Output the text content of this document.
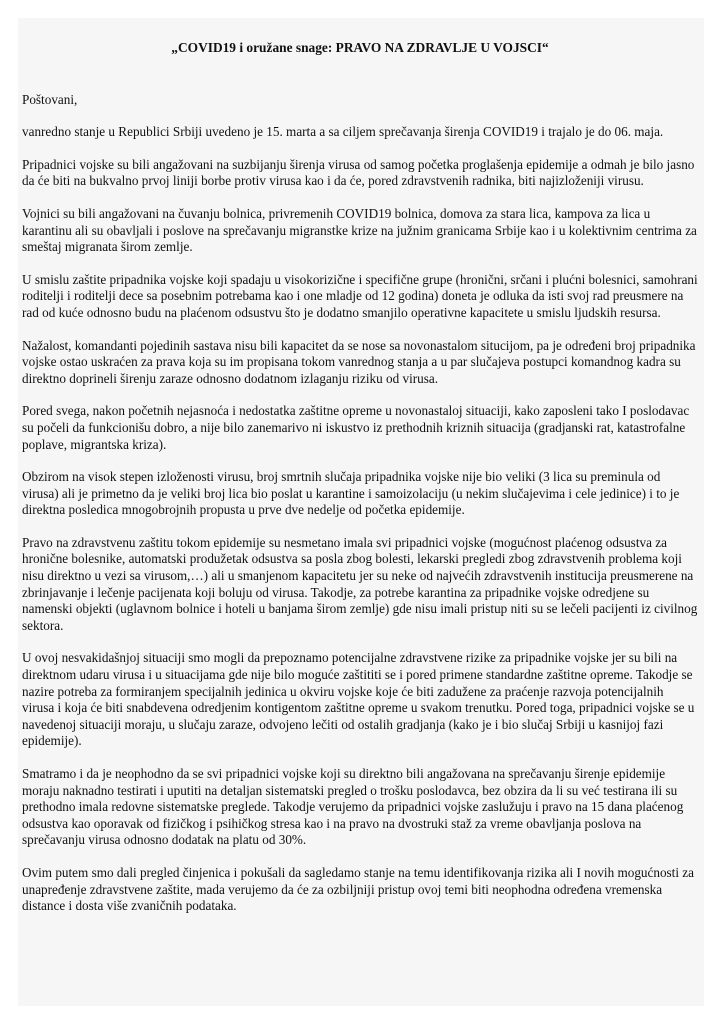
„COVID19 i oružane snage: PRAVO NA ZDRAVLJE U VOJSCI“
Poštovani,

vanredno stanje u Republici Srbiji uvedeno je 15. marta a sa ciljem sprečavanja širenja COVID19 i trajalo je do 06. maja.

Pripadnici vojske su bili angažovani na suzbijanju širenja virusa od samog početka proglašenja epidemije a odmah je bilo jasno da će biti na bukvalno prvoj liniji borbe protiv virusa kao i da će, pored zdravstvenih radnika, biti najizloženiji virusu.

Vojnici su bili angažovani na čuvanju bolnica, privremenih COVID19 bolnica, domova za stara lica, kampova za lica u karantinu ali su obavljali i poslove na sprečavanju migranstke krize na južnim granicama Srbije kao i u kolektivnim centrima za smeštaj migranata širom zemlje.

U smislu zaštite pripadnika vojske koji spadaju u visokorizične i specifične grupe (hronični, srčani i plućni bolesnici, samohrani roditelji i roditelji dece sa posebnim potrebama kao i one mladje od 12 godina) doneta je odluka da isti svoj rad preusmere na rad od kuće odnosno budu na plaćenom odsustvu što je dodatno smanjilo operativne kapacitete u smislu ljudskih resursa.

Nažalost, komandanti pojedinih sastava nisu bili kapacitet da se nose sa novonastalom situcijom, pa je određeni broj pripadnika vojske ostao uskraćen za prava koja su im propisana tokom vanrednog stanja a u par slučajeva postupci komandnog kadra su direktno doprineli širenju zaraze odnosno dodatnom izlaganju riziku od virusa.

Pored svega, nakon početnih nejasnoća i nedostatka zaštitne opreme u novonastaloj situaciji, kako zaposleni tako I poslodavac su počeli da funkcionišu dobro, a nije bilo zanemarivo ni iskustvo iz prethodnih kriznih situacija (gradjanski rat, katastrofalne poplave, migrantska kriza).

Obzirom na visok stepen izloženosti virusu, broj smrtnih slučaja pripadnika vojske nije bio veliki (3 lica su preminula od virusa) ali je primetno da je veliki broj lica bio poslat u karantine i samoizolaciju (u nekim slučajevima i cele jedinice) i to je direktna posledica mnogobrojnih propusta u prve dve nedelje od početka epidemije.

Pravo na zdravstvenu zaštitu tokom epidemije su nesmetano imala svi pripadnici vojske (mogućnost plaćenog odsustva za hronične bolesnike, automatski produžetak odsustva sa posla zbog bolesti, lekarski pregledi zbog zdravstvenih problema koji nisu direktno u vezi sa virusom,…) ali u smanjenom kapacitetu jer su neke od najvećih zdravstvenih institucija preusmerene na zbrinjavanje i lečenje pacijenata koji boluju od virusa. Takodje, za potrebe karantina za pripadnike vojske odredjene su namenski objekti (uglavnom bolnice i hoteli u banjama širom zemlje) gde nisu imali pristup niti su se lečeli pacijenti iz civilnog sektora.

U ovoj nesvakidašnjoj situaciji smo mogli da prepoznamo potencijalne zdravstvene rizike za pripadnike vojske jer su bili na direktnom udaru virusa i u situacijama gde nije bilo moguće zaštititi se i pored primene standardne zaštitne opreme. Takodje se nazire potreba za formiranjem specijalnih jedinica u okviru vojske koje će biti zadužene za praćenje razvoja potencijalnih virusa i koja će biti snabdevena odredjenim kontigentom zaštitne opreme u svakom trenutku. Pored toga, pripadnici vojske se u navedenoj situaciji moraju, u slučaju zaraze, odvojeno lečiti od ostalih gradjanja (kako je i bio slučaj Srbiji u kasnijoj fazi epidemije).

Smatramo i da je neophodno da se svi pripadnici vojske koji su direktno bili angažovana na sprečavanju širenje epidemije moraju naknadno testirati i uputiti na detaljan sistematski pregled o trošku poslodavca, bez obzira da li su već testirana ili su prethodno imala redovne sistematske preglede. Takodje verujemo da pripadnici vojske zaslužuju i pravo na 15 dana plaćenog odsustva kao oporavak od fizičkog i psihičkog stresa kao i na pravo na dvostruki staž za vreme obavljanja poslova na sprečavanju virusa odnosno dodatak na platu od 30%.

Ovim putem smo dali pregled činjenica i pokušali da sagledamo stanje na temu identifikovanja rizika ali I novih mogućnosti za unapređenje zdravstvene zaštite, mada verujemo da će za ozbiljniji pristup ovoj temi biti neophodna određena vremenska distance i dosta više zvaničnih podataka.
